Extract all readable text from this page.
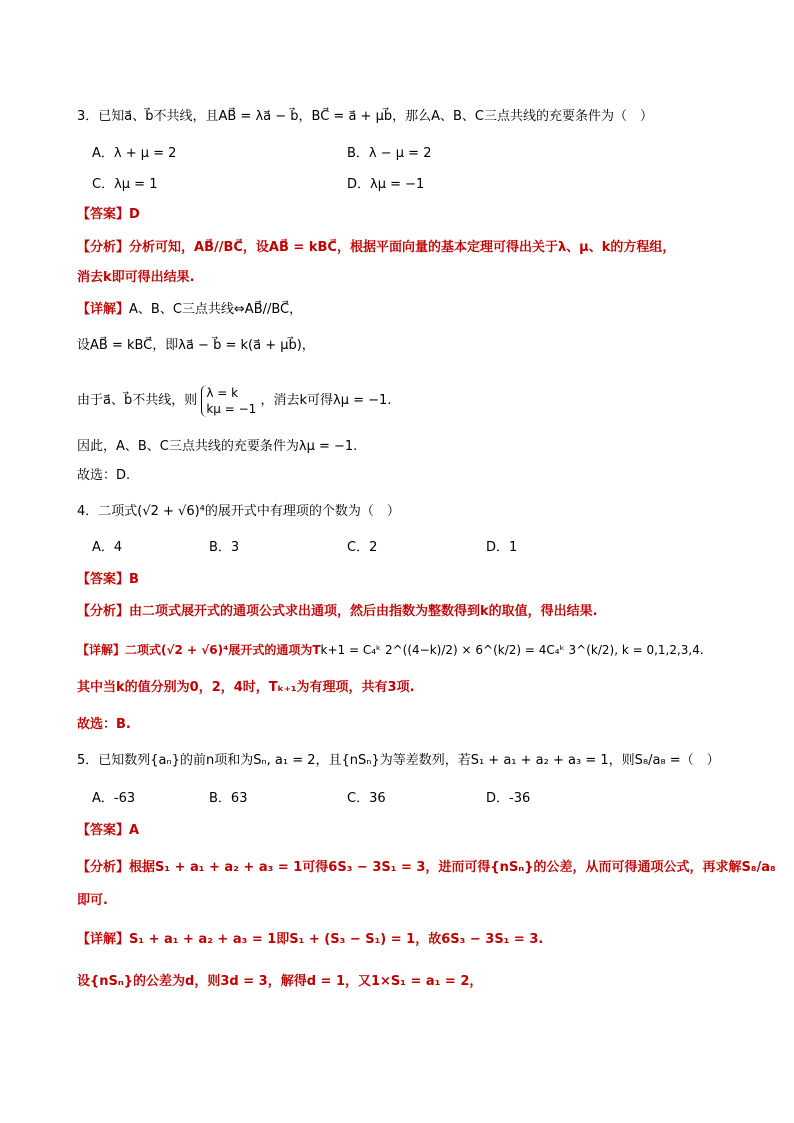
3．已知a⃗、b⃗不共线，且AB⃗ = λa⃗ − b⃗，BC⃗ = a⃗ + μb⃗，那么A、B、C三点共线的充要条件为（　）
A．λ + μ = 2	B．λ − μ = 2
C．λμ = 1	D．λμ = −1
【答案】D
【分析】分析可知，AB⃗//BC⃗，设AB⃗ = kBC⃗，根据平面向量的基本定理可得出关于λ、μ、k的方程组，
消去k即可得出结果.
【详解】A、B、C三点共线⇔AB⃗//BC⃗，
设AB⃗ = kBC⃗，即λa⃗ − b⃗ = k(a⃗ + μb⃗)，
由于a⃗、b⃗不共线，则 λ = k
kμ = −1
，消去k可得λμ = −1.
因此，A、B、C三点共线的充要条件为λμ = −1.
故选：D.
4．二项式(√2 + √6)⁴的展开式中有理项的个数为（　）
A．4	B．3	C．2	D．1
【答案】B
【分析】由二项式展开式的通项公式求出通项，然后由指数为整数得到k的取值，得出结果.
【详解】二项式(√2 + √6)⁴展开式的通项为Tk+1 = C₄ᵏ 2^((4−k)/2) × 6^(k/2) = 4C₄ᵏ 3^(k/2), k = 0,1,2,3,4.
其中当k的值分别为0，2，4时，Tₖ₊₁为有理项，共有3项.
故选：B.
5．已知数列{aₙ}的前n项和为Sₙ, a₁ = 2，且{nSₙ}为等差数列，若S₁ + a₁ + a₂ + a₃ = 1，则S₈/a₈ =（　）
A．-63	B．63	C．36	D．-36
【答案】A
【分析】根据S₁ + a₁ + a₂ + a₃ = 1可得6S₃ − 3S₁ = 3，进而可得{nSₙ}的公差，从而可得通项公式，再求解S₈/a₈
即可.
【详解】S₁ + a₁ + a₂ + a₃ = 1即S₁ + (S₃ − S₁) = 1，故6S₃ − 3S₁ = 3.
设{nSₙ}的公差为d，则3d = 3，解得d = 1，又1×S₁ = a₁ = 2，
